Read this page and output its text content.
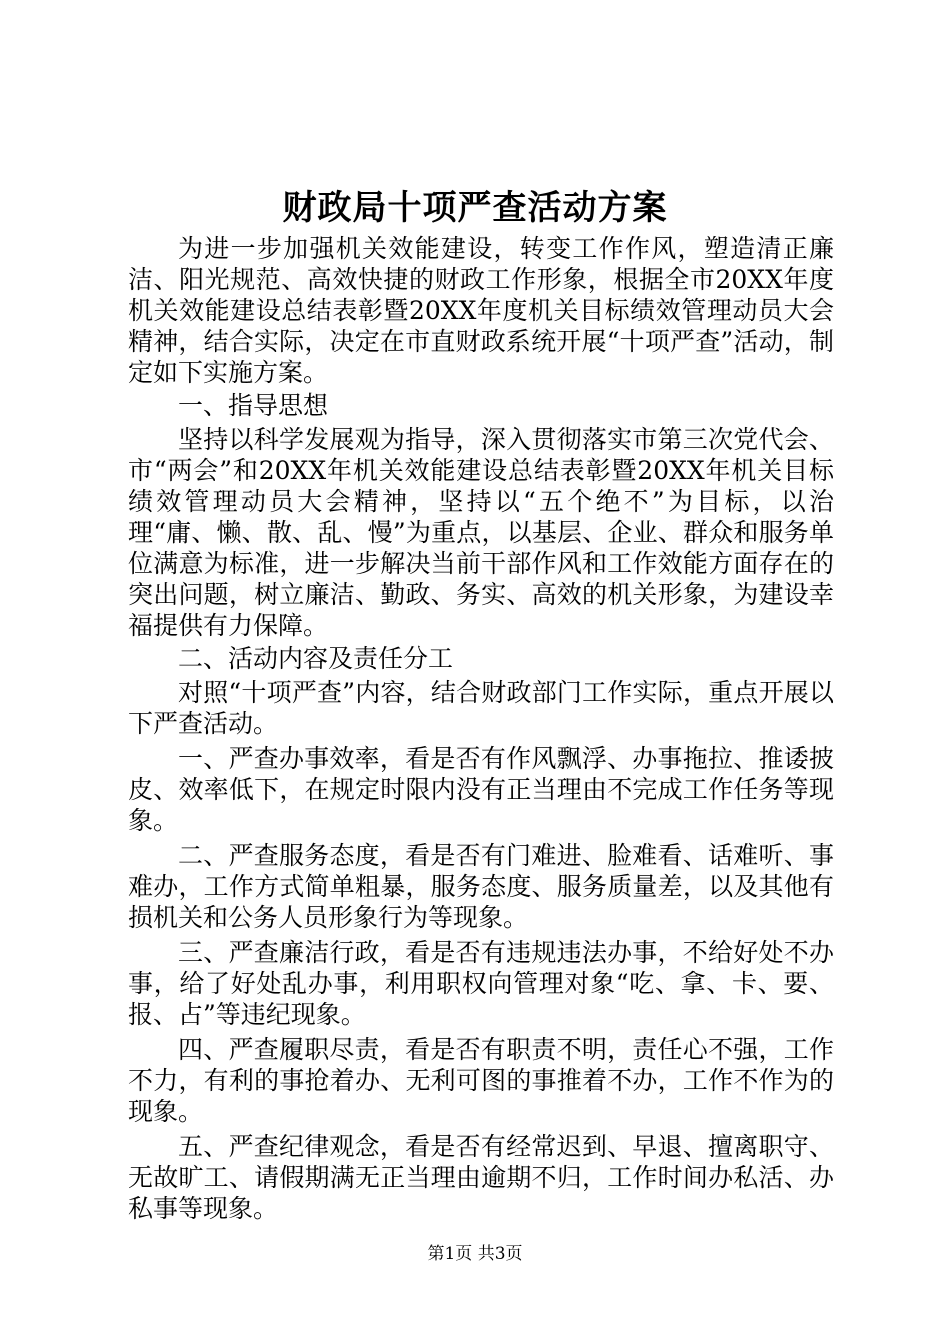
财政局十项严查活动方案

为进一步加强机关效能建设，转变工作作风，塑造清正廉洁、阳光规范、高效快捷的财政工作形象，根据全市20XX年度机关效能建设总结表彰暨20XX年度机关目标绩效管理动员大会精神，结合实际，决定在市直财政系统开展“十项严查”活动，制定如下实施方案。

一、指导思想

坚持以科学发展观为指导，深入贯彻落实市第三次党代会、市“两会”和20XX年机关效能建设总结表彰暨20XX年机关目标绩效管理动员大会精神，坚持以“五个绝不”为目标，以治理“庸、懒、散、乱、慢”为重点，以基层、企业、群众和服务单位满意为标准，进一步解决当前干部作风和工作效能方面存在的突出问题，树立廉洁、勤政、务实、高效的机关形象，为建设幸福提供有力保障。

二、活动内容及责任分工

对照“十项严查”内容，结合财政部门工作实际，重点开展以下严查活动。

一、严查办事效率，看是否有作风飘浮、办事拖拉、推诿披皮、效率低下，在规定时限内没有正当理由不完成工作任务等现象。

二、严查服务态度，看是否有门难进、脸难看、话难听、事难办，工作方式简单粗暴，服务态度、服务质量差，以及其他有损机关和公务人员形象行为等现象。

三、严查廉洁行政，看是否有违规违法办事，不给好处不办事，给了好处乱办事，利用职权向管理对象“吃、拿、卡、要、报、占”等违纪现象。

四、严查履职尽责，看是否有职责不明，责任心不强，工作不力，有利的事抢着办、无利可图的事推着不办，工作不作为的现象。

五、严查纪律观念，看是否有经常迟到、早退、擅离职守、无故旷工、请假期满无正当理由逾期不归，工作时间办私活、办私事等现象。

第1页 共3页
